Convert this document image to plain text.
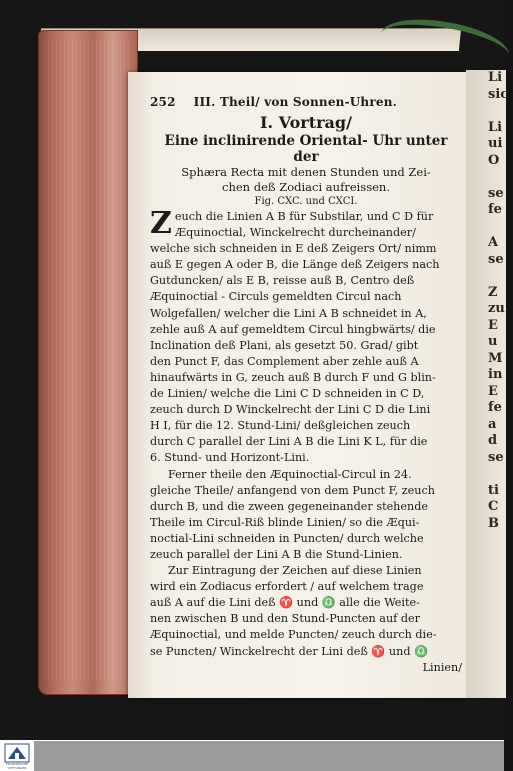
Li
sic

Li
ui
O

se
fe

A
se

Z
zu
E
u
M
in
E
fe
a
d
se

ti
C
B
252 III. Theil/ von Sonnen-Uhren.
I. Vortrag/
Eine inclinirende Oriental- Uhr unter der
Sphæra Recta mit denen Stunden und Zei-
chen deß Zodiaci aufreissen.
Fig. CXC. und CXCI.
Z euch die Linien A B für Substilar, und C D für
Æquinoctial, Winckelrecht durcheinander/
welche sich schneiden in E deß Zeigers Ort/ nimm
auß E gegen A oder B, die Länge deß Zeigers nach
Gutduncken/ als E B, reisse auß B, Centro deß
Æquinoctial - Circuls gemeldten Circul nach
Wolgefallen/ welcher die Lini A B schneidet in A,
zehle auß A auf gemeldtem Circul hingbwärts/ die
Inclination deß Plani, als gesetzt 50. Grad/ gibt
den Punct F, das Complement aber zehle auß A
hinaufwärts in G, zeuch auß B durch F und G blin-
de Linien/ welche die Lini C D schneiden in C D,
zeuch durch D Winckelrecht der Lini C D die Lini
H I, für die 12. Stund-Lini/ deßgleichen zeuch
durch C parallel der Lini A B die Lini K L, für die
6. Stund- und Horizont-Lini.
Ferner theile den Æquinoctial-Circul in 24.
gleiche Theile/ anfangend von dem Punct F, zeuch
durch B, und die zween gegeneinander stehende
Theile im Circul-Riß blinde Linien/ so die Æqui-
noctial-Lini schneiden in Puncten/ durch welche
zeuch parallel der Lini A B die Stund-Linien.
Zur Eintragung der Zeichen auf diese Linien
wird ein Zodiacus erfordert / auf welchem trage
auß A auf die Lini deß ♈ und ♎ alle die Weite-
nen zwischen B und den Stund-Puncten auf der
Æquinoctial, und melde Puncten/ zeuch durch die-
se Puncten/ Winckelrecht der Lini deß ♈ und ♎
Linien/
FRANCKESCHE STIFTUNGEN
